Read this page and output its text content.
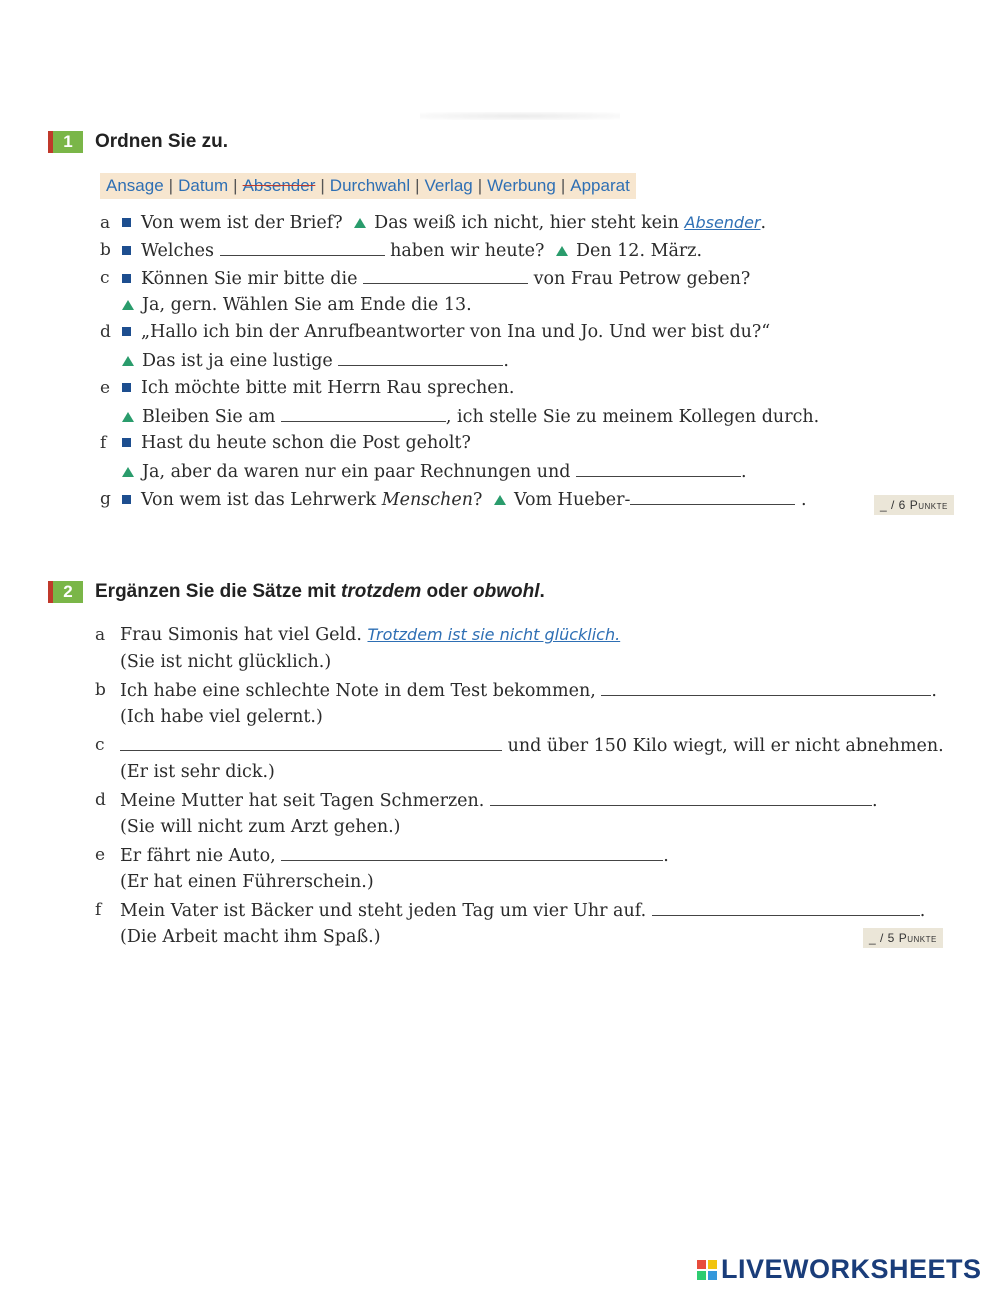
1	Ordnen Sie zu.
Ansage | Datum | Absender | Durchwahl | Verlag | Werbung | Apparat
a	Von wem ist der Brief? Das weiß ich nicht, hier steht kein Absender.
b	Welches	haben wir heute? Den 12. März.
c	Können Sie mir bitte die	von Frau Petrow geben?
Ja, gern. Wählen Sie am Ende die 13.
d	„Hallo ich bin der Anrufbeantworter von Ina und Jo. Und wer bist du?“
Das ist ja eine lustige	.
e	Ich möchte bitte mit Herrn Rau sprechen.
Bleiben Sie am	, ich stelle Sie zu meinem Kollegen durch.
f	Hast du heute schon die Post geholt?
Ja, aber da waren nur ein paar Rechnungen und	.
g	Von wem ist das Lehrwerk Menschen? Vom Hueber-	.	_ / 6 Punkte
2	Ergänzen Sie die Sätze mit trotzdem oder obwohl.
a Frau Simonis hat viel Geld. Trotzdem ist sie nicht glücklich.
(Sie ist nicht glücklich.)
b Ich habe eine schlechte Note in dem Test bekommen,	.
(Ich habe viel gelernt.)
c	und über 150 Kilo wiegt, will er nicht abnehmen.
(Er ist sehr dick.)
d Meine Mutter hat seit Tagen Schmerzen.	.
(Sie will nicht zum Arzt gehen.)
e Er fährt nie Auto,	.
(Er hat einen Führerschein.)
f Mein Vater ist Bäcker und steht jeden Tag um vier Uhr auf.	.
(Die Arbeit macht ihm Spaß.)	_ / 5 Punkte
LIVEWORKSHEETS
